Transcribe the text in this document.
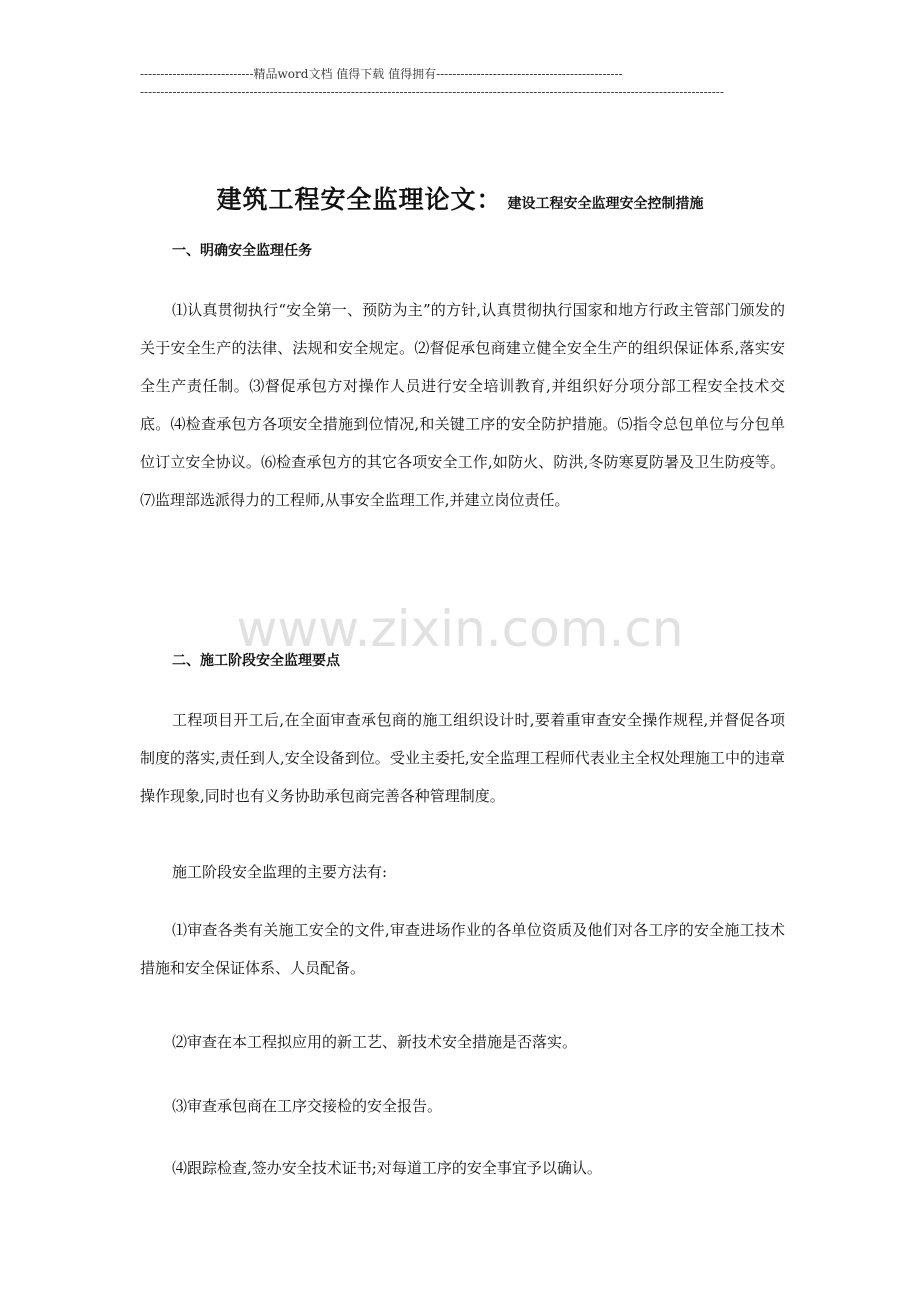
----------------------------精品word文档 值得下载 值得拥有----------------------------------------------
------------------------------------------------------------------------------------------------------------------------------------------------
建筑工程安全监理论文： 建设工程安全监理安全控制措施
一、明确安全监理任务
⑴认真贯彻执行“安全第一、预防为主”的方针,认真贯彻执行国家和地方行政主管部门颁发的关于安全生产的法律、法规和安全规定。⑵督促承包商建立健全安全生产的组织保证体系,落实安全生产责任制。⑶督促承包方对操作人员进行安全培训教育,并组织好分项分部工程安全技术交底。⑷检查承包方各项安全措施到位情况,和关键工序的安全防护措施。⑸指令总包单位与分包单位订立安全协议。⑹检查承包方的其它各项安全工作,如防火、防洪,冬防寒夏防暑及卫生防疫等。⑺监理部选派得力的工程师,从事安全监理工作,并建立岗位责任。
www.zixin.com.cn
二、施工阶段安全监理要点
工程项目开工后,在全面审查承包商的施工组织设计时,要着重审查安全操作规程,并督促各项制度的落实,责任到人,安全设备到位。受业主委托,安全监理工程师代表业主全权处理施工中的违章操作现象,同时也有义务协助承包商完善各种管理制度。
施工阶段安全监理的主要方法有:
⑴审查各类有关施工安全的文件,审查进场作业的各单位资质及他们对各工序的安全施工技术措施和安全保证体系、人员配备。
⑵审查在本工程拟应用的新工艺、新技术安全措施是否落实。
⑶审查承包商在工序交接检的安全报告。
⑷跟踪检查,签办安全技术证书;对每道工序的安全事宜予以确认。
